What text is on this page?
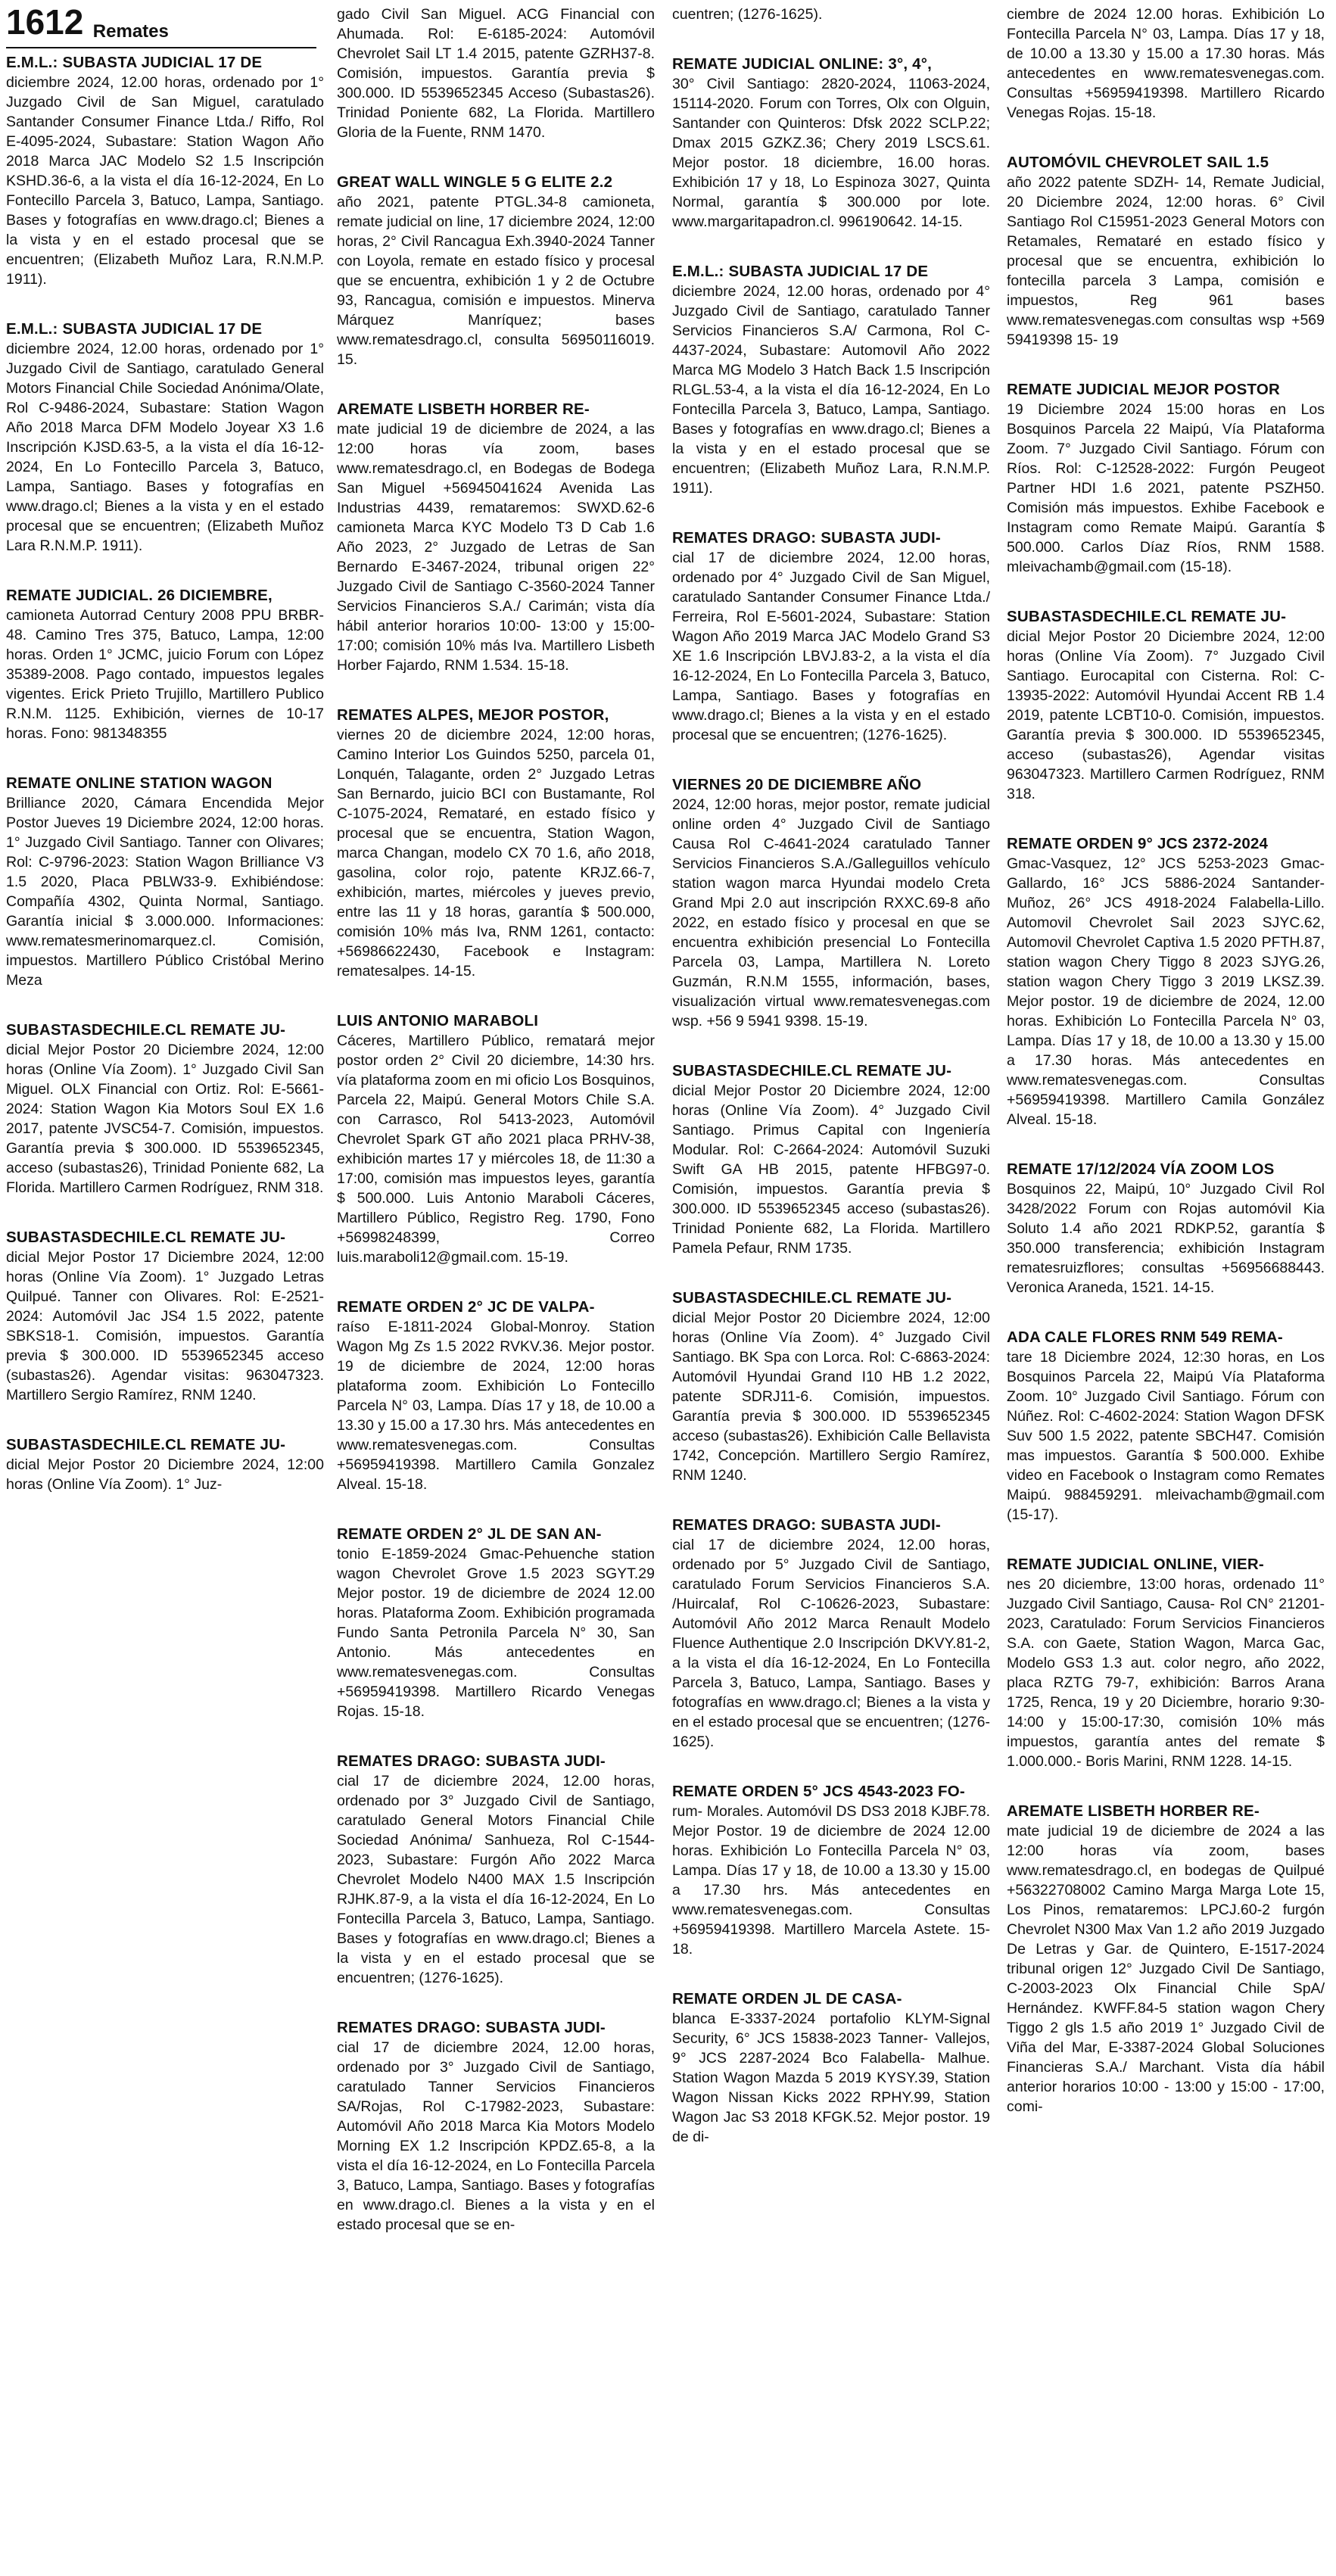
1612 Remates

E.M.L.: SUBASTA JUDICIAL 17 DE

diciembre 2024, 12.00 horas, ordenado por 1° Juzgado Civil de San Miguel, caratulado Santander Consumer Finance Ltda./ Riffo, Rol E-4095-2024, Subastare: Station Wagon Año 2018 Marca JAC Modelo S2 1.5 Inscripción KSHD.36-6, a la vista el día 16-12-2024, En Lo Fontecillo Parcela 3, Batuco, Lampa, Santiago. Bases y fotografías en www.drago.cl; Bienes a la vista y en el estado procesal que se encuentren; (Elizabeth Muñoz Lara, R.N.M.P. 1911).

E.M.L.: SUBASTA JUDICIAL 17 DE

diciembre 2024, 12.00 horas, ordenado por 1° Juzgado Civil de Santiago, caratulado General Motors Financial Chile Sociedad Anónima/Olate, Rol C-9486-2024, Subastare: Station Wagon Año 2018 Marca DFM Modelo Joyear X3 1.6 Inscripción KJSD.63-5, a la vista el día 16-12-2024, En Lo Fontecillo Parcela 3, Batuco, Lampa, Santiago. Bases y fotografías en www.drago.cl; Bienes a la vista y en el estado procesal que se encuentren; (Elizabeth Muñoz Lara R.N.M.P. 1911).

REMATE JUDICIAL. 26 DICIEMBRE,

camioneta Autorrad Century 2008 PPU BRBR-48. Camino Tres 375, Batuco, Lampa, 12:00 horas. Orden 1° JCMC, juicio Forum con López 35389-2008. Pago contado, impuestos legales vigentes. Erick Prieto Trujillo, Martillero Publico R.N.M. 1125. Exhibición, viernes de 10-17 horas. Fono: 981348355

REMATE ONLINE STATION WAGON

Brilliance 2020, Cámara Encendida Mejor Postor Jueves 19 Diciembre 2024, 12:00 horas. 1° Juzgado Civil Santiago. Tanner con Olivares; Rol: C-9796-2023: Station Wagon Brilliance V3 1.5 2020, Placa PBLW33-9. Exhibiéndose: Compañía 4302, Quinta Normal, Santiago. Garantía inicial $ 3.000.000. Informaciones: www.rematesmerinomarquez.cl. Comisión, impuestos. Martillero Público Cristóbal Merino Meza

SUBASTASDECHILE.CL REMATE JU-

dicial Mejor Postor 20 Diciembre 2024, 12:00 horas (Online Vía Zoom). 1° Juzgado Civil San Miguel. OLX Financial con Ortiz. Rol: E-5661-2024: Station Wagon Kia Motors Soul EX 1.6 2017, patente JVSC54-7. Comisión, impuestos. Garantía previa $ 300.000. ID 5539652345, acceso (subastas26), Trinidad Poniente 682, La Florida. Martillero Carmen Rodríguez, RNM 318.

SUBASTASDECHILE.CL REMATE JU-

dicial Mejor Postor 17 Diciembre 2024, 12:00 horas (Online Vía Zoom). 1° Juzgado Letras Quilpué. Tanner con Olivares. Rol: E-2521-2024: Automóvil Jac JS4 1.5 2022, patente SBKS18-1. Comisión, impuestos. Garantía previa $ 300.000. ID 5539652345 acceso (subastas26). Agendar visitas: 963047323. Martillero Sergio Ramírez, RNM 1240.

SUBASTASDECHILE.CL REMATE JU-

dicial Mejor Postor 20 Diciembre 2024, 12:00 horas (Online Vía Zoom). 1° Juz-

gado Civil San Miguel. ACG Financial con Ahumada. Rol: E-6185-2024: Automóvil Chevrolet Sail LT 1.4 2015, patente GZRH37-8. Comisión, impuestos. Garantía previa $ 300.000. ID 5539652345 Acceso (Subastas26). Trinidad Poniente 682, La Florida. Martillero Gloria de la Fuente, RNM 1470.

GREAT WALL WINGLE 5 G ELITE 2.2

año 2021, patente PTGL.34-8 camioneta, remate judicial on line, 17 diciembre 2024, 12:00 horas, 2° Civil Rancagua Exh.3940-2024 Tanner con Loyola, remate en estado físico y procesal que se encuentra, exhibición 1 y 2 de Octubre 93, Rancagua, comisión e impuestos. Minerva Márquez Manríquez; bases www.rematesdrago.cl, consulta 56950116019. 15.

AREMATE LISBETH HORBER RE-

mate judicial 19 de diciembre de 2024, a las 12:00 horas vía zoom, bases www.rematesdrago.cl, en Bodegas de Bodega San Miguel +56945041624 Avenida Las Industrias 4439, remataremos: SWXD.62-6 camioneta Marca KYC Modelo T3 D Cab 1.6 Año 2023, 2° Juzgado de Letras de San Bernardo E-3467-2024, tribunal origen 22° Juzgado Civil de Santiago C-3560-2024 Tanner Servicios Financieros S.A./ Carimán; vista día hábil anterior horarios 10:00- 13:00 y 15:00-17:00; comisión 10% más Iva. Martillero Lisbeth Horber Fajardo, RNM 1.534. 15-18.

REMATES ALPES, MEJOR POSTOR,

viernes 20 de diciembre 2024, 12:00 horas, Camino Interior Los Guindos 5250, parcela 01, Lonquén, Talagante, orden 2° Juzgado Letras San Bernardo, juicio BCI con Bustamante, Rol C-1075-2024, Remataré, en estado físico y procesal que se encuentra, Station Wagon, marca Changan, modelo CX 70 1.6, año 2018, gasolina, color rojo, patente KRJZ.66-7, exhibición, martes, miércoles y jueves previo, entre las 11 y 18 horas, garantía $ 500.000, comisión 10% más Iva, RNM 1261, contacto: +56986622430, Facebook e Instagram: rematesalpes. 14-15.

LUIS ANTONIO MARABOLI

Cáceres, Martillero Público, rematará mejor postor orden 2° Civil 20 diciembre, 14:30 hrs. vía plataforma zoom en mi oficio Los Bosquinos, Parcela 22, Maipú. General Motors Chile S.A. con Carrasco, Rol 5413-2023, Automóvil Chevrolet Spark GT año 2021 placa PRHV-38, exhibición martes 17 y miércoles 18, de 11:30 a 17:00, comisión mas impuestos leyes, garantía $ 500.000. Luis Antonio Maraboli Cáceres, Martillero Público, Registro Reg. 1790, Fono +56998248399, Correo luis.maraboli12@gmail.com. 15-19.

REMATE ORDEN 2° JC DE VALPA-

raíso E-1811-2024 Global-Monroy. Station Wagon Mg Zs 1.5 2022 RVKV.36. Mejor postor. 19 de diciembre de 2024, 12:00 horas plataforma zoom. Exhibición Lo Fontecillo Parcela N° 03, Lampa. Días 17 y 18, de 10.00 a 13.30 y 15.00 a 17.30 hrs. Más antecedentes en www.rematesvenegas.com. Consultas +56959419398. Martillero Camila Gonzalez Alveal. 15-18.

REMATE ORDEN 2° JL DE SAN AN-

tonio E-1859-2024 Gmac-Pehuenche station wagon Chevrolet Grove 1.5 2023 SGYT.29 Mejor postor. 19 de diciembre de 2024 12.00 horas. Plataforma Zoom. Exhibición programada Fundo Santa Petronila Parcela N° 30, San Antonio. Más antecedentes en www.rematesvenegas.com. Consultas +56959419398. Martillero Ricardo Venegas Rojas. 15-18.

REMATES DRAGO: SUBASTA JUDI-

cial 17 de diciembre 2024, 12.00 horas, ordenado por 3° Juzgado Civil de Santiago, caratulado General Motors Financial Chile Sociedad Anónima/ Sanhueza, Rol C-1544-2023, Subastare: Furgón Año 2022 Marca Chevrolet Modelo N400 MAX 1.5 Inscripción RJHK.87-9, a la vista el día 16-12-2024, En Lo Fontecilla Parcela 3, Batuco, Lampa, Santiago. Bases y fotografías en www.drago.cl; Bienes a la vista y en el estado procesal que se encuentren; (1276-1625).

REMATES DRAGO: SUBASTA JUDI-

cial 17 de diciembre 2024, 12.00 horas, ordenado por 3° Juzgado Civil de Santiago, caratulado Tanner Servicios Financieros SA/Rojas, Rol C-17982-2023, Subastare: Automóvil Año 2018 Marca Kia Motors Modelo Morning EX 1.2 Inscripción KPDZ.65-8, a la vista el día 16-12-2024, en Lo Fontecilla Parcela 3, Batuco, Lampa, Santiago. Bases y fotografías en www.drago.cl. Bienes a la vista y en el estado procesal que se en-

cuentren; (1276-1625).

REMATE JUDICIAL ONLINE: 3°, 4°,

30° Civil Santiago: 2820-2024, 11063-2024, 15114-2020. Forum con Torres, Olx con Olguin, Santander con Quinteros: Dfsk 2022 SCLP.22; Dmax 2015 GZKZ.36; Chery 2019 LSCS.61. Mejor postor. 18 diciembre, 16.00 horas. Exhibición 17 y 18, Lo Espinoza 3027, Quinta Normal, garantía $ 300.000 por lote. www.margaritapadron.cl. 996190642. 14-15.

E.M.L.: SUBASTA JUDICIAL 17 DE

diciembre 2024, 12.00 horas, ordenado por 4° Juzgado Civil de Santiago, caratulado Tanner Servicios Financieros S.A/ Carmona, Rol C-4437-2024, Subastare: Automovil Año 2022 Marca MG Modelo 3 Hatch Back 1.5 Inscripción RLGL.53-4, a la vista el día 16-12-2024, En Lo Fontecilla Parcela 3, Batuco, Lampa, Santiago. Bases y fotografías en www.drago.cl; Bienes a la vista y en el estado procesal que se encuentren; (Elizabeth Muñoz Lara, R.N.M.P. 1911).

REMATES DRAGO: SUBASTA JUDI-

cial 17 de diciembre 2024, 12.00 horas, ordenado por 4° Juzgado Civil de San Miguel, caratulado Santander Consumer Finance Ltda./ Ferreira, Rol E-5601-2024, Subastare: Station Wagon Año 2019 Marca JAC Modelo Grand S3 XE 1.6 Inscripción LBVJ.83-2, a la vista el día 16-12-2024, En Lo Fontecilla Parcela 3, Batuco, Lampa, Santiago. Bases y fotografías en www.drago.cl; Bienes a la vista y en el estado procesal que se encuentren; (1276-1625).

VIERNES 20 DE DICIEMBRE AÑO

2024, 12:00 horas, mejor postor, remate judicial online orden 4° Juzgado Civil de Santiago Causa Rol C-4641-2024 caratulado Tanner Servicios Financieros S.A./Galleguillos vehículo station wagon marca Hyundai modelo Creta Grand Mpi 2.0 aut inscripción RXXC.69-8 año 2022, en estado físico y procesal en que se encuentra exhibición presencial Lo Fontecilla Parcela 03, Lampa, Martillera N. Loreto Guzmán, R.N.M 1555, información, bases, visualización virtual www.rematesvenegas.com wsp. +56 9 5941 9398. 15-19.

SUBASTASDECHILE.CL REMATE JU-

dicial Mejor Postor 20 Diciembre 2024, 12:00 horas (Online Vía Zoom). 4° Juzgado Civil Santiago. Primus Capital con Ingeniería Modular. Rol: C-2664-2024: Automóvil Suzuki Swift GA HB 2015, patente HFBG97-0. Comisión, impuestos. Garantía previa $ 300.000. ID 5539652345 acceso (subastas26). Trinidad Poniente 682, La Florida. Martillero Pamela Pefaur, RNM 1735.

SUBASTASDECHILE.CL REMATE JU-

dicial Mejor Postor 20 Diciembre 2024, 12:00 horas (Online Vía Zoom). 4° Juzgado Civil Santiago. BK Spa con Lorca. Rol: C-6863-2024: Automóvil Hyundai Grand I10 HB 1.2 2022, patente SDRJ11-6. Comisión, impuestos. Garantía previa $ 300.000. ID 5539652345 acceso (subastas26). Exhibición Calle Bellavista 1742, Concepción. Martillero Sergio Ramírez, RNM 1240.

REMATES DRAGO: SUBASTA JUDI-

cial 17 de diciembre 2024, 12.00 horas, ordenado por 5° Juzgado Civil de Santiago, caratulado Forum Servicios Financieros S.A. /Huircalaf, Rol C-10626-2023, Subastare: Automóvil Año 2012 Marca Renault Modelo Fluence Authentique 2.0 Inscripción DKVY.81-2, a la vista el día 16-12-2024, En Lo Fontecilla Parcela 3, Batuco, Lampa, Santiago. Bases y fotografías en www.drago.cl; Bienes a la vista y en el estado procesal que se encuentren; (1276-1625).

REMATE ORDEN 5° JCS 4543-2023 FO-

rum- Morales. Automóvil DS DS3 2018 KJBF.78. Mejor Postor. 19 de diciembre de 2024 12.00 horas. Exhibición Lo Fontecilla Parcela N° 03, Lampa. Días 17 y 18, de 10.00 a 13.30 y 15.00 a 17.30 hrs. Más antecedentes en www.rematesvenegas.com. Consultas +56959419398. Martillero Marcela Astete. 15-18.

REMATE ORDEN JL DE CASA-

blanca E-3337-2024 portafolio KLYM-Signal Security, 6° JCS 15838-2023 Tanner- Vallejos, 9° JCS 2287-2024 Bco Falabella- Malhue. Station Wagon Mazda 5 2019 KYSY.39, Station Wagon Nissan Kicks 2022 RPHY.99, Station Wagon Jac S3 2018 KFGK.52. Mejor postor. 19 de di-

ciembre de 2024 12.00 horas. Exhibición Lo Fontecilla Parcela N° 03, Lampa. Días 17 y 18, de 10.00 a 13.30 y 15.00 a 17.30 horas. Más antecedentes en www.rematesvenegas.com. Consultas +56959419398. Martillero Ricardo Venegas Rojas. 15-18.

AUTOMÓVIL CHEVROLET SAIL 1.5

año 2022 patente SDZH- 14, Remate Judicial, 20 Diciembre 2024, 12:00 horas. 6° Civil Santiago Rol C15951-2023 General Motors con Retamales, Remataré en estado físico y procesal que se encuentra, exhibición lo fontecilla parcela 3 Lampa, comisión e impuestos, Reg 961 bases www.rematesvenegas.com consultas wsp +569 59419398 15- 19

REMATE JUDICIAL MEJOR POSTOR

19 Diciembre 2024 15:00 horas en Los Bosquinos Parcela 22 Maipú, Vía Plataforma Zoom. 7° Juzgado Civil Santiago. Fórum con Ríos. Rol: C-12528-2022: Furgón Peugeot Partner HDI 1.6 2021, patente PSZH50. Comisión más impuestos. Exhibe Facebook e Instagram como Remate Maipú. Garantía $ 500.000. Carlos Díaz Ríos, RNM 1588. mleivachamb@gmail.com (15-18).

SUBASTASDECHILE.CL REMATE JU-

dicial Mejor Postor 20 Diciembre 2024, 12:00 horas (Online Vía Zoom). 7° Juzgado Civil Santiago. Eurocapital con Cisterna. Rol: C-13935-2022: Automóvil Hyundai Accent RB 1.4 2019, patente LCBT10-0. Comisión, impuestos. Garantía previa $ 300.000. ID 5539652345, acceso (subastas26), Agendar visitas 963047323. Martillero Carmen Rodríguez, RNM 318.

REMATE ORDEN 9° JCS 2372-2024

Gmac-Vasquez, 12° JCS 5253-2023 Gmac-Gallardo, 16° JCS 5886-2024 Santander-Muñoz, 26° JCS 4918-2024 Falabella-Lillo. Automovil Chevrolet Sail 2023 SJYC.62, Automovil Chevrolet Captiva 1.5 2020 PFTH.87, station wagon Chery Tiggo 8 2023 SJYG.26, station wagon Chery Tiggo 3 2019 LKSZ.39. Mejor postor. 19 de diciembre de 2024, 12.00 horas. Exhibición Lo Fontecilla Parcela N° 03, Lampa. Días 17 y 18, de 10.00 a 13.30 y 15.00 a 17.30 horas. Más antecedentes en www.rematesvenegas.com. Consultas +56959419398. Martillero Camila González Alveal. 15-18.

REMATE 17/12/2024 VÍA ZOOM LOS

Bosquinos 22, Maipú, 10° Juzgado Civil Rol 3428/2022 Forum con Rojas automóvil Kia Soluto 1.4 año 2021 RDKP.52, garantía $ 350.000 transferencia; exhibición Instagram rematesruizflores; consultas +56956688443. Veronica Araneda, 1521. 14-15.

ADA CALE FLORES RNM 549 REMA-

tare 18 Diciembre 2024, 12:30 horas, en Los Bosquinos Parcela 22, Maipú Vía Plataforma Zoom. 10° Juzgado Civil Santiago. Fórum con Núñez. Rol: C-4602-2024: Station Wagon DFSK Suv 500 1.5 2022, patente SBCH47. Comisión mas impuestos. Garantía $ 500.000. Exhibe video en Facebook o Instagram como Remates Maipú. 988459291. mleivachamb@gmail.com (15-17).

REMATE JUDICIAL ONLINE, VIER-

nes 20 diciembre, 13:00 horas, ordenado 11° Juzgado Civil Santiago, Causa- Rol CN° 21201-2023, Caratulado: Forum Servicios Financieros S.A. con Gaete, Station Wagon, Marca Gac, Modelo GS3 1.3 aut. color negro, año 2022, placa RZTG 79-7, exhibición: Barros Arana 1725, Renca, 19 y 20 Diciembre, horario 9:30-14:00 y 15:00-17:30, comisión 10% más impuestos, garantía antes del remate $ 1.000.000.- Boris Marini, RNM 1228. 14-15.

AREMATE LISBETH HORBER RE-

mate judicial 19 de diciembre de 2024 a las 12:00 horas vía zoom, bases www.rematesdrago.cl, en bodegas de Quilpué +56322708002 Camino Marga Marga Lote 15, Los Pinos, remataremos: LPCJ.60-2 furgón Chevrolet N300 Max Van 1.2 año 2019 Juzgado De Letras y Gar. de Quintero, E-1517-2024 tribunal origen 12° Juzgado Civil De Santiago, C-2003-2023 Olx Financial Chile SpA/ Hernández. KWFF.84-5 station wagon Chery Tiggo 2 gls 1.5 año 2019 1° Juzgado Civil de Viña del Mar, E-3387-2024 Global Soluciones Financieras S.A./ Marchant. Vista día hábil anterior horarios 10:00 - 13:00 y 15:00 - 17:00, comi-
